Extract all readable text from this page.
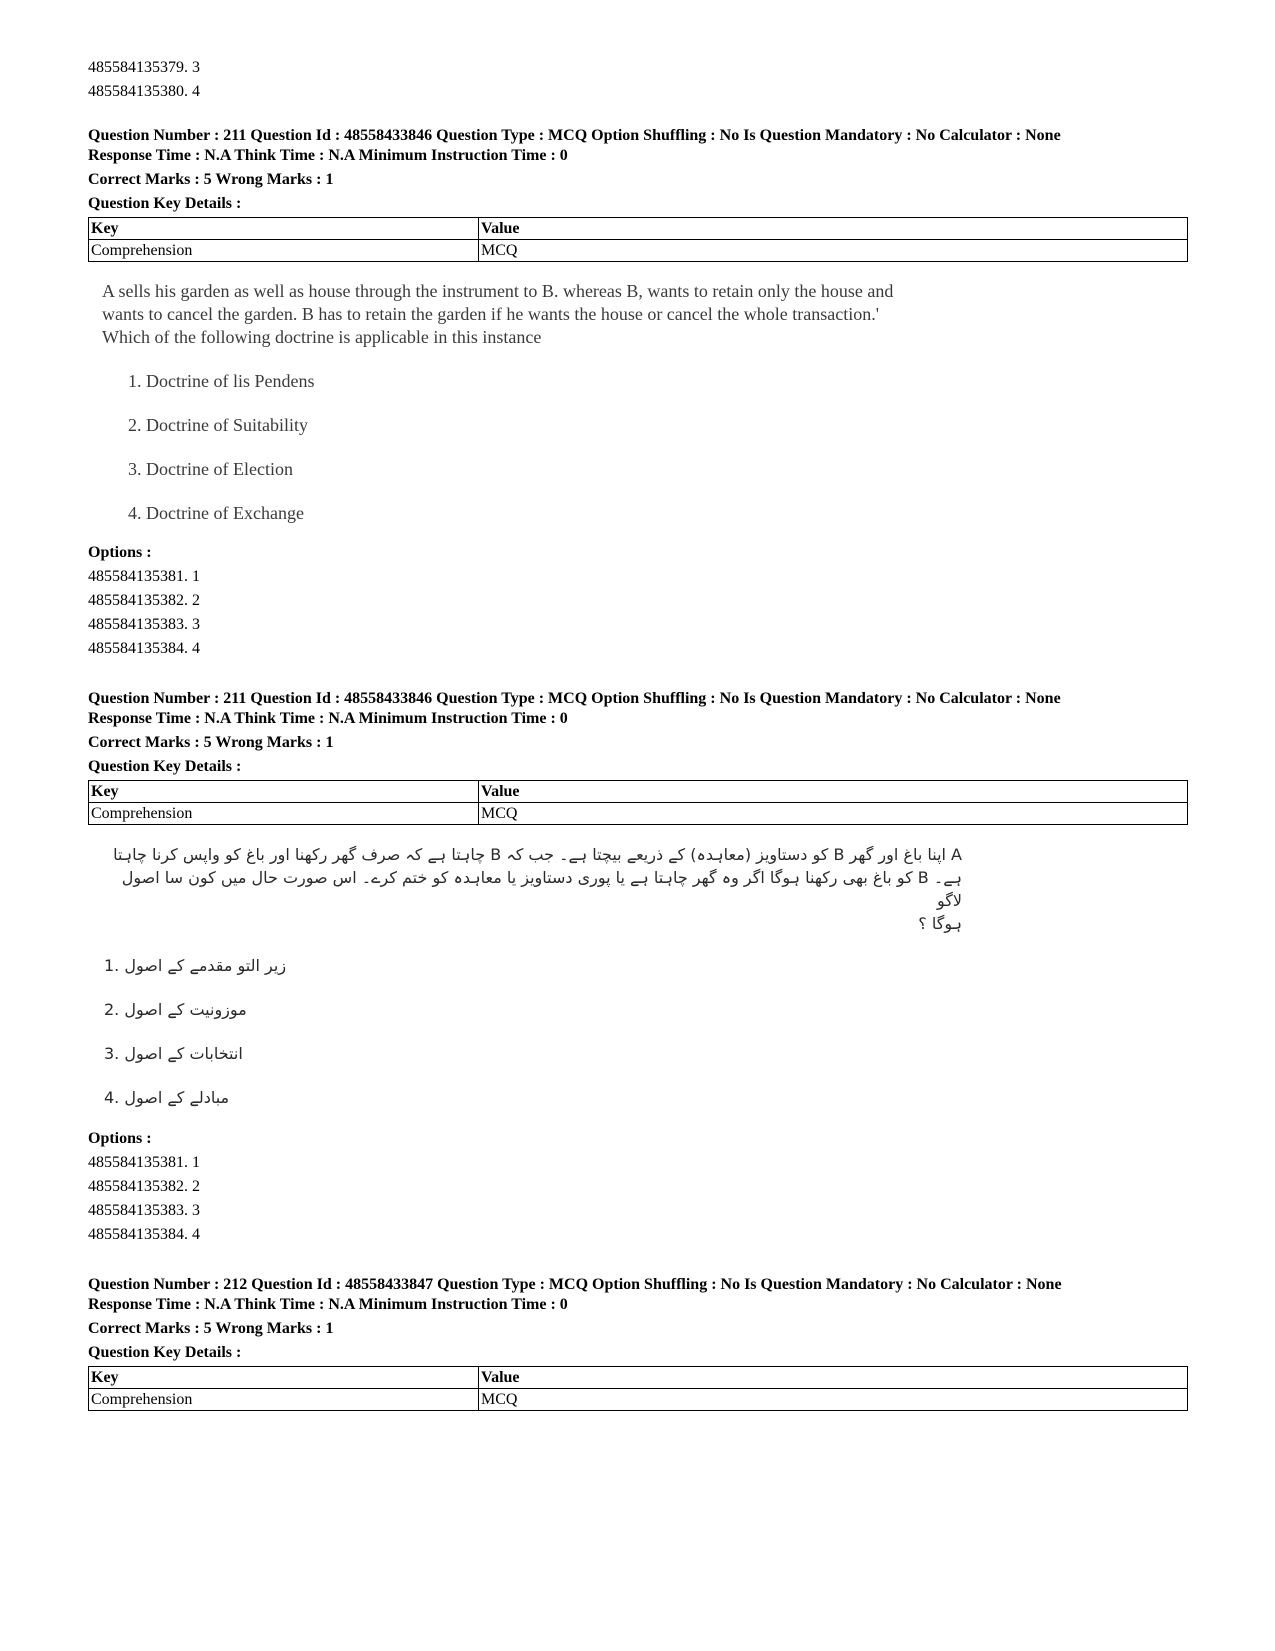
485584135379. 3
485584135380. 4
Question Number : 211 Question Id : 48558433846 Question Type : MCQ Option Shuffling : No Is Question Mandatory : No Calculator : None
Response Time : N.A Think Time : N.A Minimum Instruction Time : 0
Correct Marks : 5 Wrong Marks : 1
Question Key Details :
Key	Value
Comprehension	MCQ
A sells his garden as well as house through the instrument to B. whereas B, wants to retain only the house and
wants to cancel the garden. B has to retain the garden if he wants the house or cancel the whole transaction.'
Which of the following doctrine is applicable in this instance
1. Doctrine of lis Pendens
2. Doctrine of Suitability
3. Doctrine of Election
4. Doctrine of Exchange
Options :
485584135381. 1
485584135382. 2
485584135383. 3
485584135384. 4
Question Number : 211 Question Id : 48558433846 Question Type : MCQ Option Shuffling : No Is Question Mandatory : No Calculator : None
Response Time : N.A Think Time : N.A Minimum Instruction Time : 0
Correct Marks : 5 Wrong Marks : 1
Question Key Details :
Key	Value
Comprehension	MCQ
A اپنا باغ اور گھر B کو دستاویز (معاہدہ) کے ذریعے بیچتا ہے۔ جب کہ B چاہتا ہے کہ صرف گھر رکھنا اور باغ کو واپس کرنا چاہتا
ہے۔ B کو باغ بھی رکھنا ہوگا اگر وہ گھر چاہتا ہے یا پوری دستاویز یا معاہدہ کو ختم کرے۔ اس صورت حال میں کون سا اصول لاگو
ہوگا ؟
1. زیر التو مقدمے کے اصول
2. موزونیت کے اصول
3. انتخابات کے اصول
4. مبادلے کے اصول
Options :
485584135381. 1
485584135382. 2
485584135383. 3
485584135384. 4
Question Number : 212 Question Id : 48558433847 Question Type : MCQ Option Shuffling : No Is Question Mandatory : No Calculator : None
Response Time : N.A Think Time : N.A Minimum Instruction Time : 0
Correct Marks : 5 Wrong Marks : 1
Question Key Details :
Key	Value
Comprehension	MCQ
